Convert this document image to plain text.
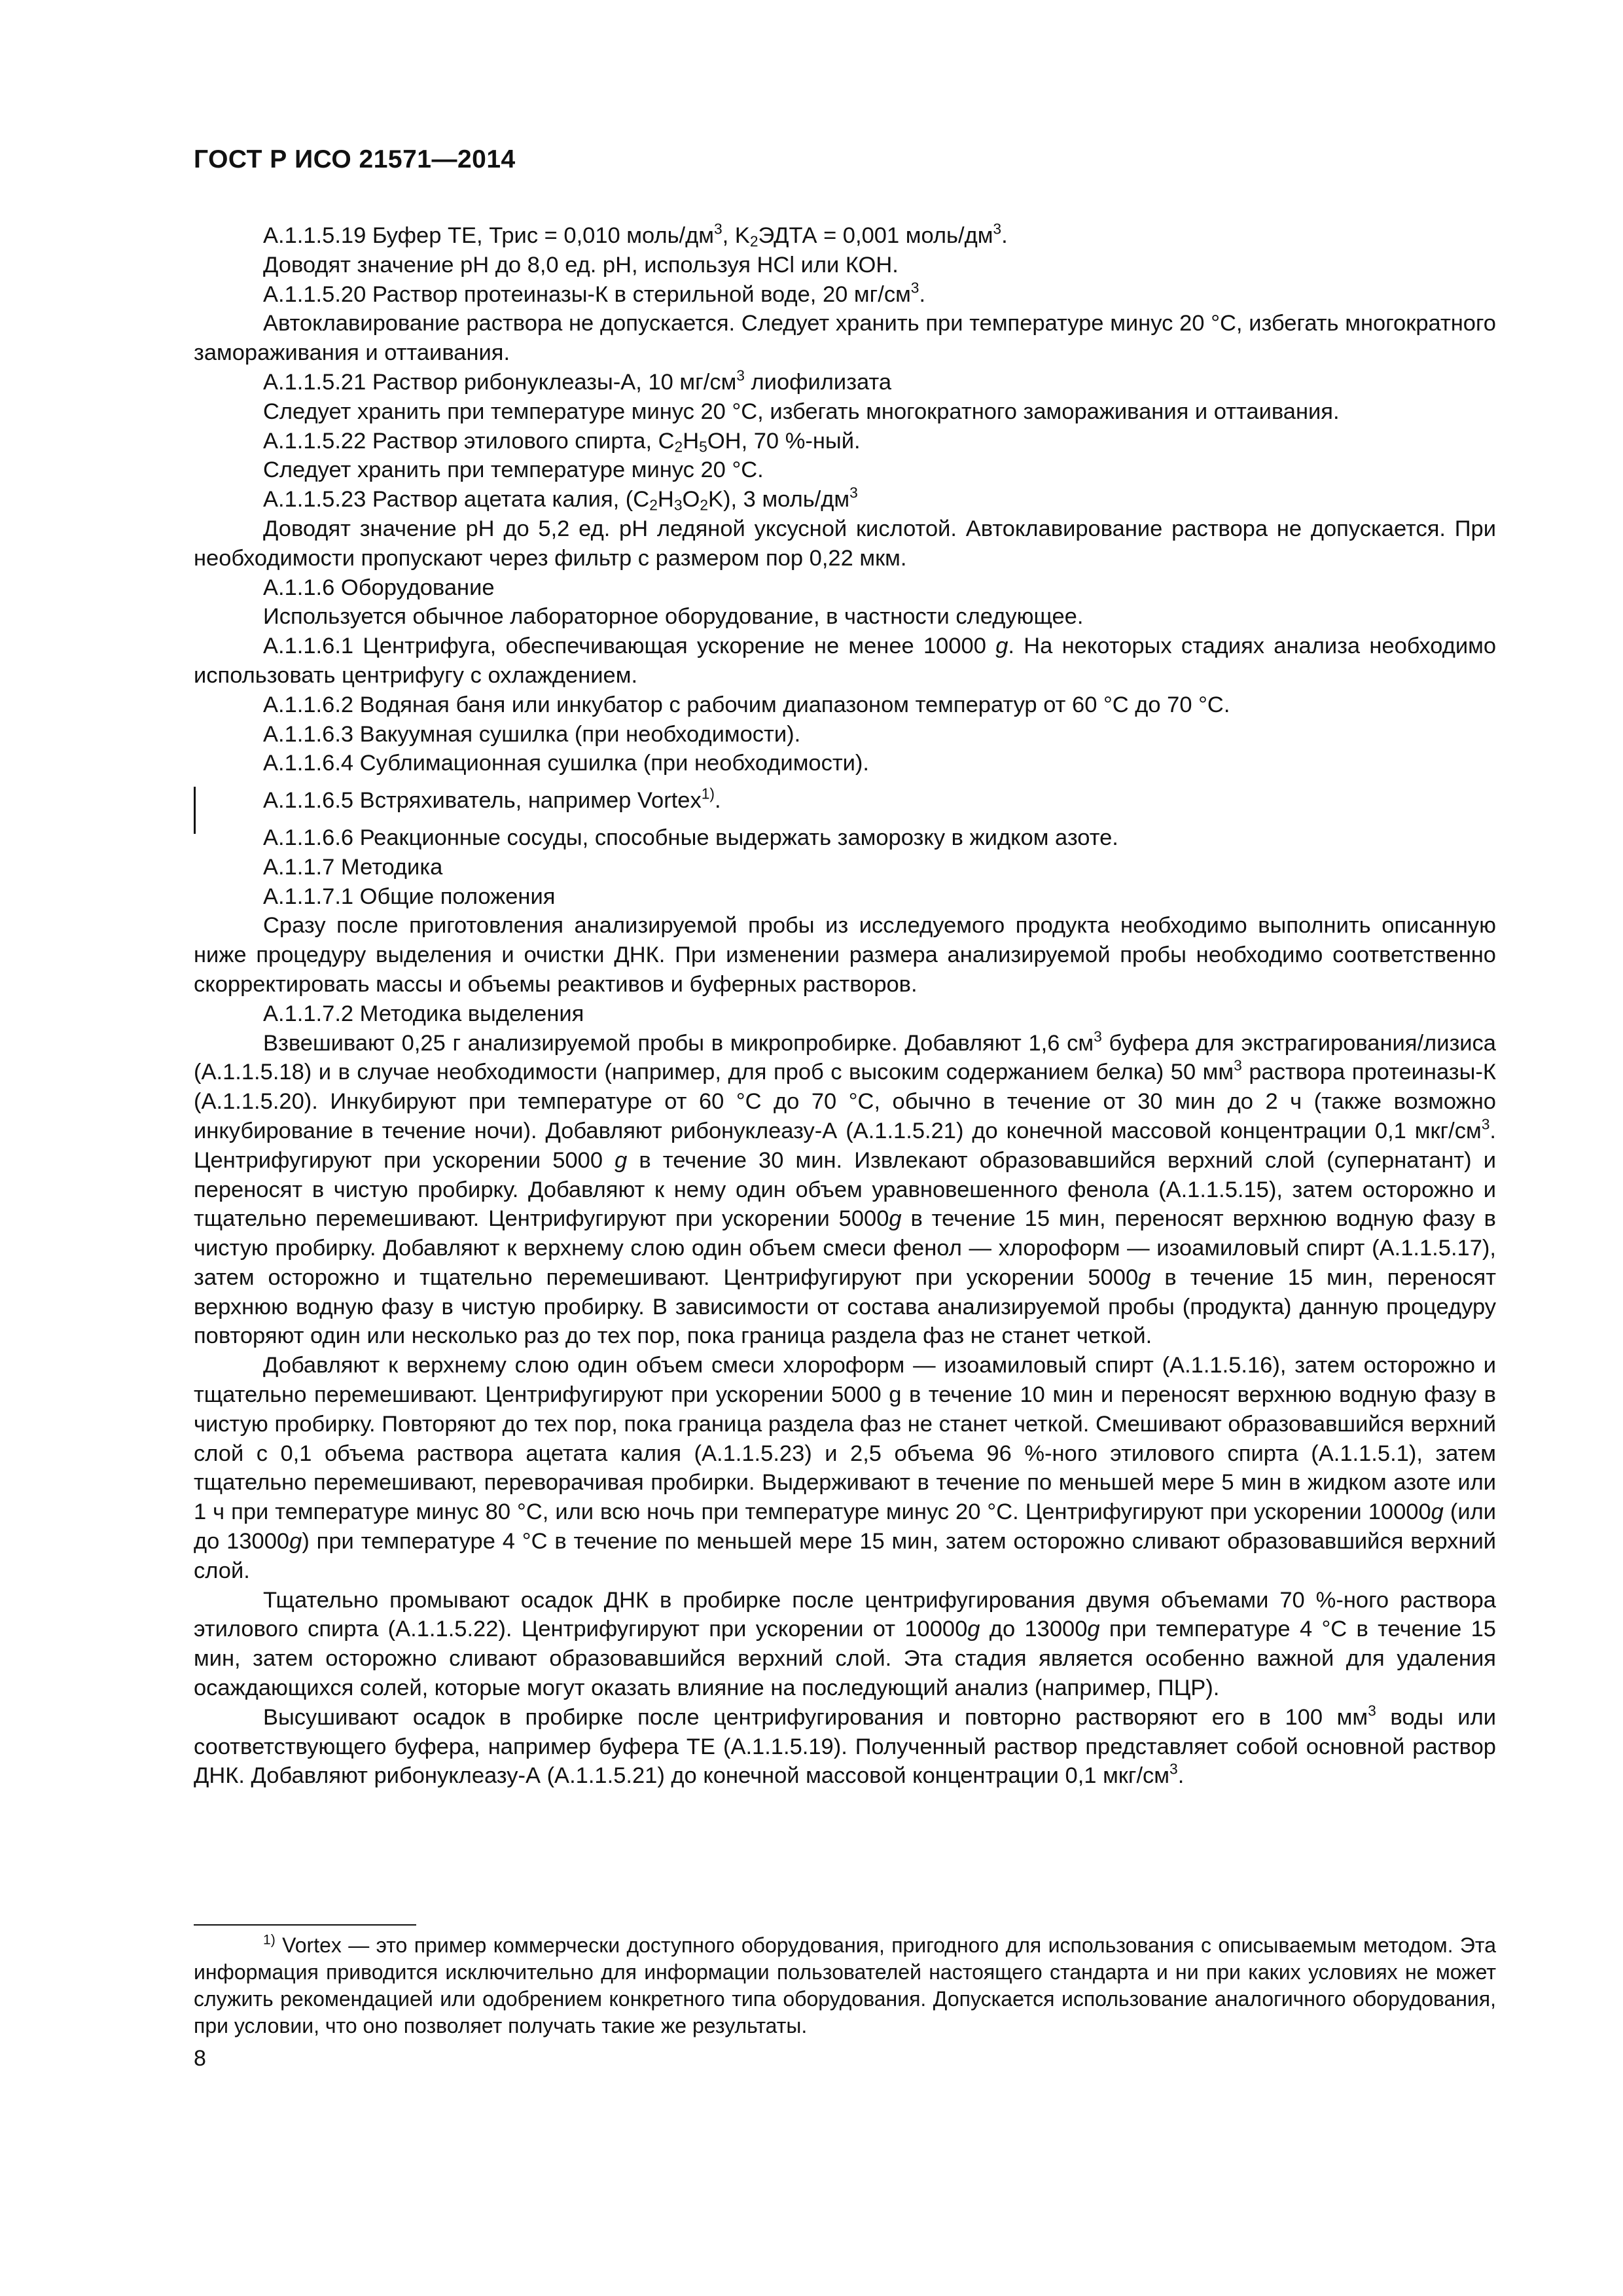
ГОСТ Р ИСО 21571—2014

А.1.1.5.19 Буфер ТЕ, Трис = 0,010 моль/$дм^3$, $K_2ЭДТА = 0,001$ моль/$дм^3$.

Доводят значение рН до 8,0 ед. рН, используя HCl или КОН.

А.1.1.5.20 Раствор протеиназы-К в стерильной воде, 20 $мг/см^3$.

Автоклавирование раствора не допускается. Следует хранить при температуре минус 20 °С, избегать многократного замораживания и оттаивания.

А.1.1.5.21 Раствор рибонуклеазы-А, 10 $мг/см^3$ лиофилизата

Следует хранить при температуре минус 20 °С, избегать многократного замораживания и оттаивания.

А.1.1.5.22 Раствор этилового спирта, $C_2H_5OH$, 70 %-ный.

Следует хранить при температуре минус 20 °С.

А.1.1.5.23 Раствор ацетата калия, $(C_2H_3O_2K)$, 3 моль/$дм^3$

Доводят значение рН до 5,2 ед. рН ледяной уксусной кислотой. Автоклавирование раствора не допускается. При необходимости пропускают через фильтр с размером пор 0,22 мкм.

А.1.1.6 Оборудование

Используется обычное лабораторное оборудование, в частности следующее.

А.1.1.6.1 Центрифуга, обеспечивающая ускорение не менее 10000 g. На некоторых стадиях анализа необходимо использовать центрифугу с охлаждением.

А.1.1.6.2 Водяная баня или инкубатор с рабочим диапазоном температур от 60 °С до 70 °С.

А.1.1.6.3 Вакуумная сушилка (при необходимости).

А.1.1.6.4 Сублимационная сушилка (при необходимости).

А.1.1.6.5 Встряхиватель, например Vortex$^{1)}$.

А.1.1.6.6 Реакционные сосуды, способные выдержать заморозку в жидком азоте.

А.1.1.7 Методика

А.1.1.7.1 Общие положения

Сразу после приготовления анализируемой пробы из исследуемого продукта необходимо выполнить описанную ниже процедуру выделения и очистки ДНК. При изменении размера анализируемой пробы необходимо соответственно скорректировать массы и объемы реактивов и буферных растворов.

А.1.1.7.2 Методика выделения

Взвешивают 0,25 г анализируемой пробы в микропробирке. Добавляют 1,6 $см^3$ буфера для экстрагирования/лизиса (А.1.1.5.18) и в случае необходимости (например, для проб с высоким содержанием белка) 50 $мм^3$ раствора протеиназы-К (А.1.1.5.20). Инкубируют при температуре от 60 °С до 70 °С, обычно в течение от 30 мин до 2 ч (также возможно инкубирование в течение ночи). Добавляют рибонуклеазу-А (А.1.1.5.21) до конечной массовой концентрации 0,1 мкг/$см^3$. Центрифугируют при ускорении 5000 g в течение 30 мин. Извлекают образовавшийся верхний слой (супернатант) и переносят в чистую пробирку. Добавляют к нему один объем уравновешенного фенола (А.1.1.5.15), затем осторожно и тщательно перемешивают. Центрифугируют при ускорении 5000g в течение 15 мин, переносят верхнюю водную фазу в чистую пробирку. Добавляют к верхнему слою один объем смеси фенол — хлороформ — изоамиловый спирт (А.1.1.5.17), затем осторожно и тщательно перемешивают. Центрифугируют при ускорении 5000g в течение 15 мин, переносят верхнюю водную фазу в чистую пробирку. В зависимости от состава анализируемой пробы (продукта) данную процедуру повторяют один или несколько раз до тех пор, пока граница раздела фаз не станет четкой.

Добавляют к верхнему слою один объем смеси хлороформ — изоамиловый спирт (А.1.1.5.16), затем осторожно и тщательно перемешивают. Центрифугируют при ускорении 5000 g в течение 10 мин и переносят верхнюю водную фазу в чистую пробирку. Повторяют до тех пор, пока граница раздела фаз не станет четкой. Смешивают образовавшийся верхний слой с 0,1 объема раствора ацетата калия (А.1.1.5.23) и 2,5 объема 96 %-ного этилового спирта (А.1.1.5.1), затем тщательно перемешивают, переворачивая пробирки. Выдерживают в течение по меньшей мере 5 мин в жидком азоте или 1 ч при температуре минус 80 °С, или всю ночь при температуре минус 20 °С. Центрифугируют при ускорении 10000g (или до 13000g) при температуре 4 °С в течение по меньшей мере 15 мин, затем осторожно сливают образовавшийся верхний слой.

Тщательно промывают осадок ДНК в пробирке после центрифугирования двумя объемами 70 %-ного раствора этилового спирта (А.1.1.5.22). Центрифугируют при ускорении от 10000g до 13000g при температуре 4 °С в течение 15 мин, затем осторожно сливают образовавшийся верхний слой. Эта стадия является особенно важной для удаления осаждающихся солей, которые могут оказать влияние на последующий анализ (например, ПЦР).

Высушивают осадок в пробирке после центрифугирования и повторно растворяют его в 100 $мм^3$ воды или соответствующего буфера, например буфера ТЕ (А.1.1.5.19). Полученный раствор представляет собой основной раствор ДНК. Добавляют рибонуклеазу-А (А.1.1.5.21) до конечной массовой концентрации 0,1 мкг/$см^3$.

$^{1)}$ Vortex — это пример коммерчески доступного оборудования, пригодного для использования с описываемым методом. Эта информация приводится исключительно для информации пользователей настоящего стандарта и ни при каких условиях не может служить рекомендацией или одобрением конкретного типа оборудования. Допускается использование аналогичного оборудования, при условии, что оно позволяет получать такие же результаты.

8
